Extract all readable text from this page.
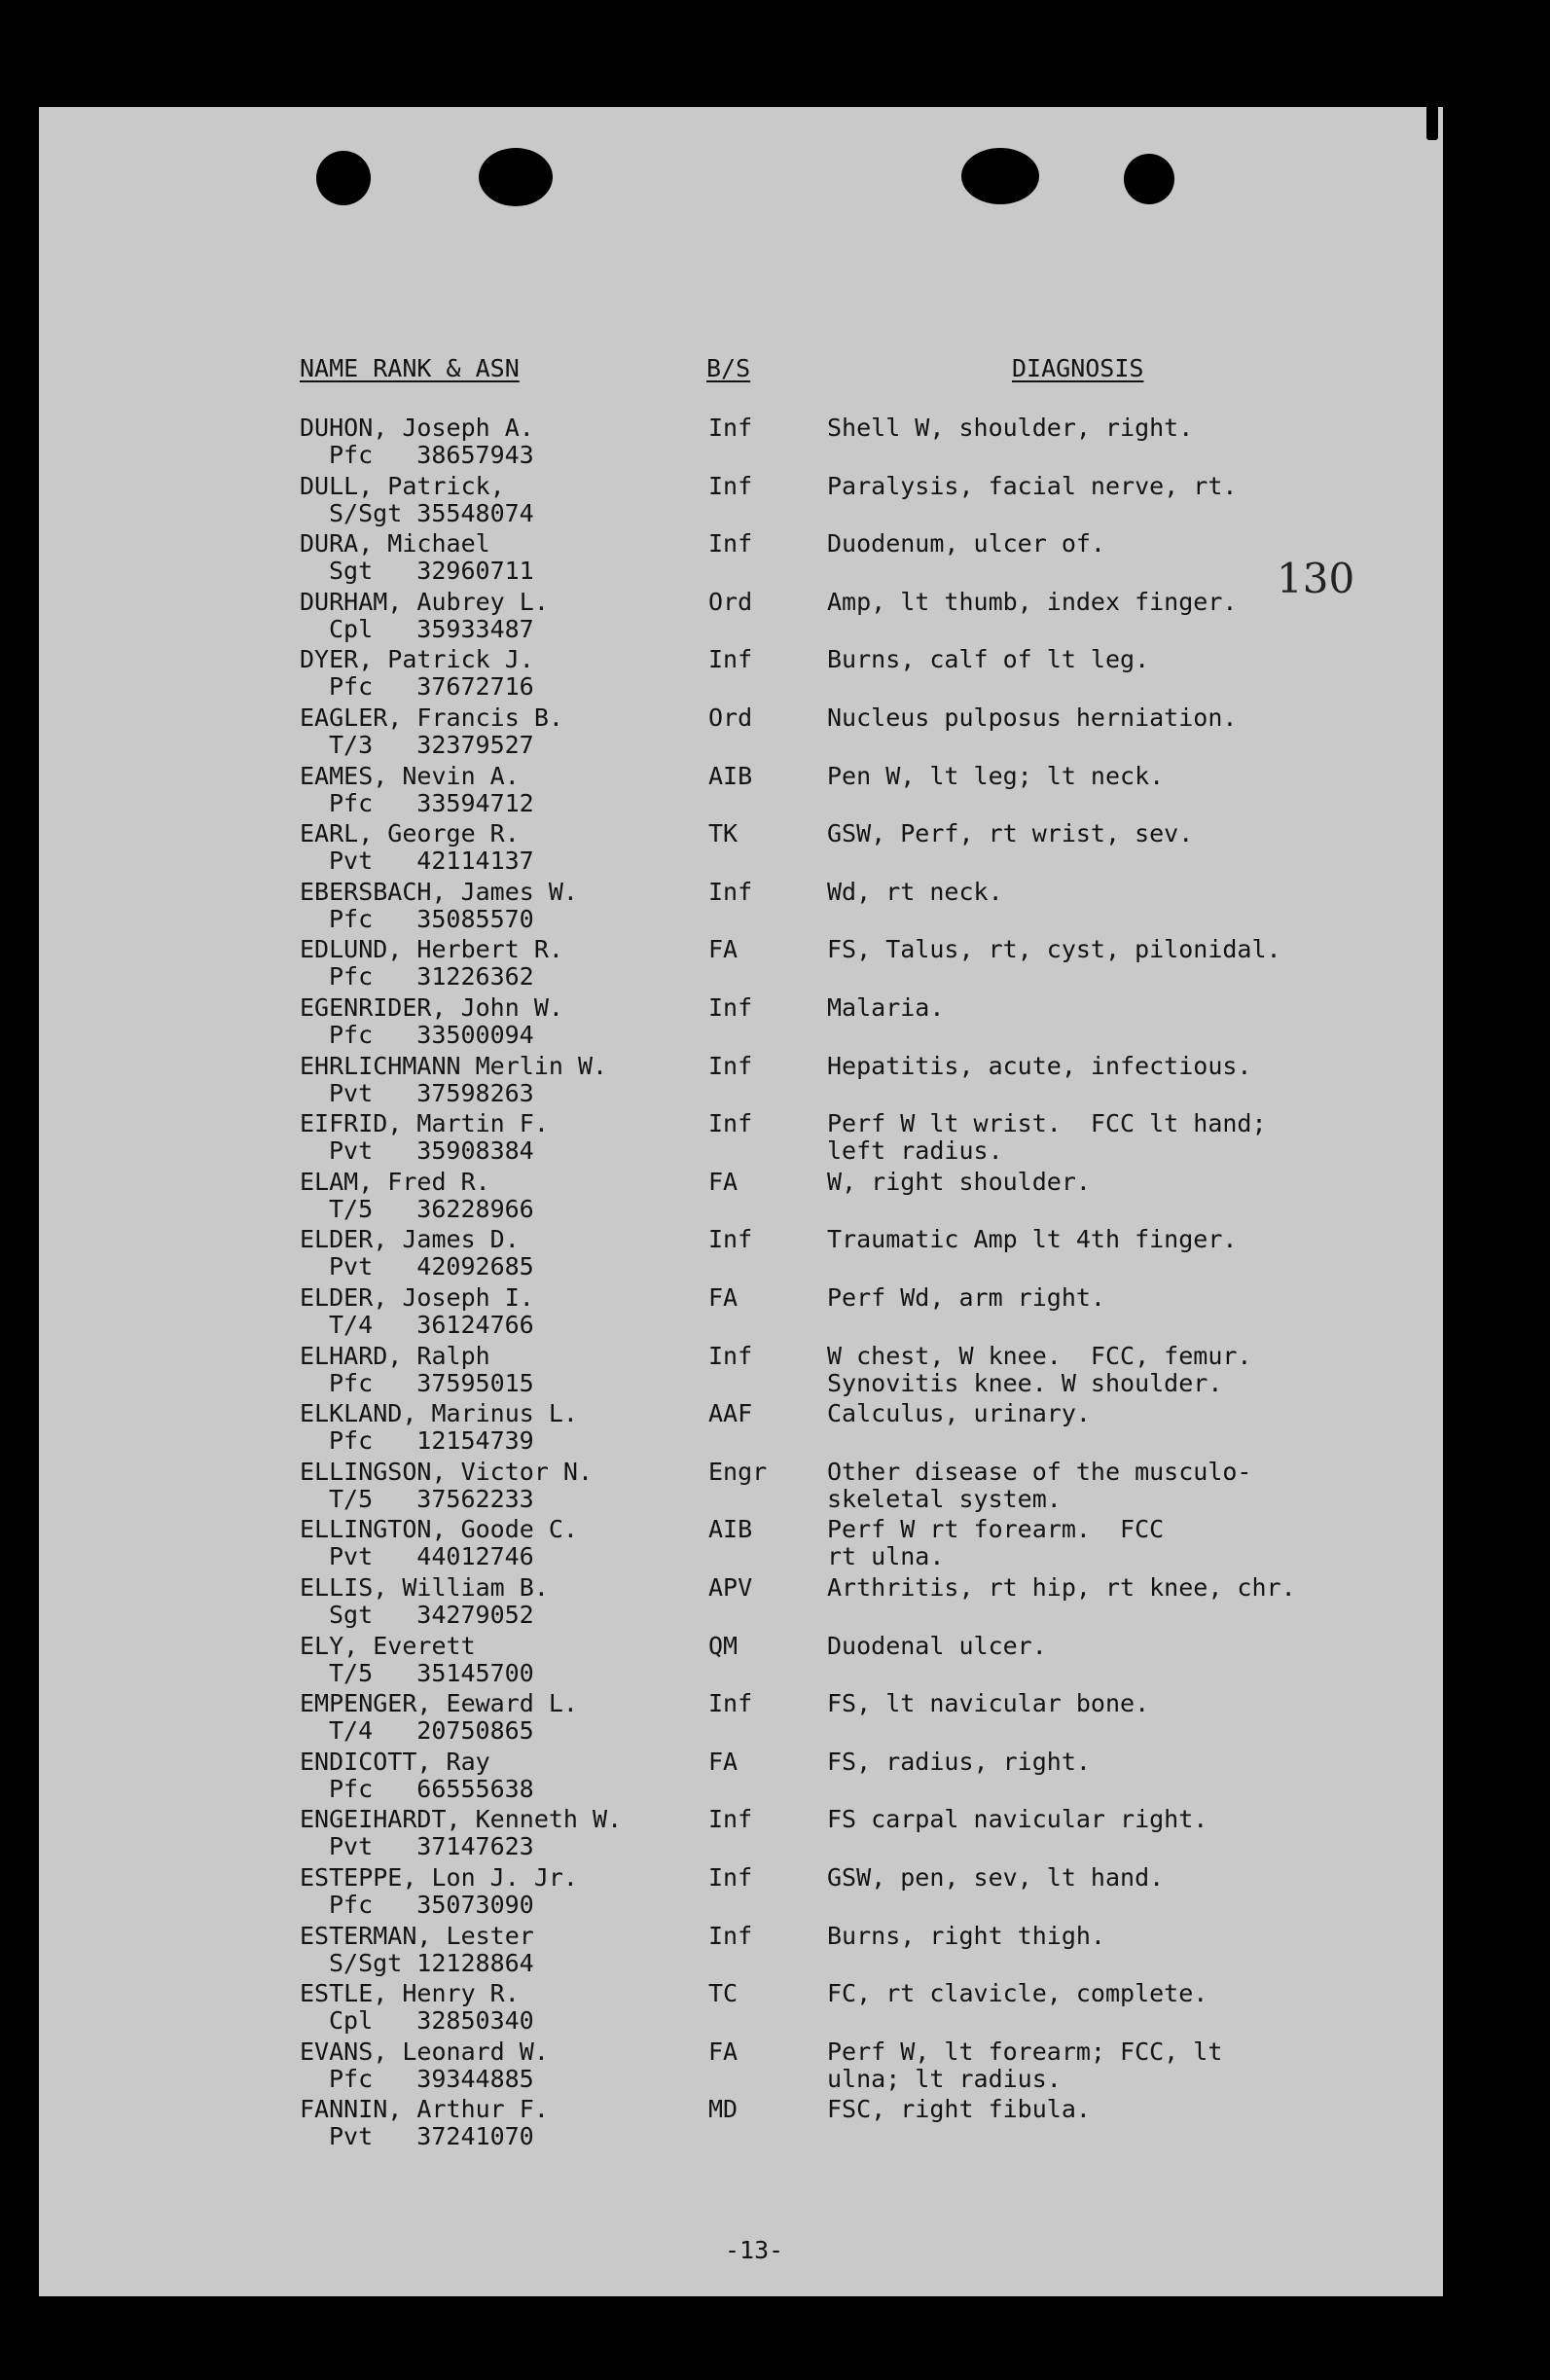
NAME RANK & ASN	B/S	DIAGNOSIS
130
DUHON, Joseph A.
Pfc   38657943
Inf	Shell W, shoulder, right.
DULL, Patrick,
S/Sgt 35548074
Inf	Paralysis, facial nerve, rt.
DURA, Michael
Sgt   32960711
Inf	Duodenum, ulcer of.
DURHAM, Aubrey L.
Cpl   35933487
Ord	Amp, lt thumb, index finger.
DYER, Patrick J.
Pfc   37672716
Inf	Burns, calf of lt leg.
EAGLER, Francis B.
T/3   32379527
Ord	Nucleus pulposus herniation.
EAMES, Nevin A.
Pfc   33594712
AIB	Pen W, lt leg; lt neck.
EARL, George R.
Pvt   42114137
TK	GSW, Perf, rt wrist, sev.
EBERSBACH, James W.
Pfc   35085570
Inf	Wd, rt neck.
EDLUND, Herbert R.
Pfc   31226362
FA	FS, Talus, rt, cyst, pilonidal.
EGENRIDER, John W.
Pfc   33500094
Inf	Malaria.
EHRLICHMANN Merlin W.
Pvt   37598263
Inf	Hepatitis, acute, infectious.
EIFRID, Martin F.
Pvt   35908384
Inf	Perf W lt wrist.  FCC lt hand;
left radius.
ELAM, Fred R.
T/5   36228966
FA	W, right shoulder.
ELDER, James D.
Pvt   42092685
Inf	Traumatic Amp lt 4th finger.
ELDER, Joseph I.
T/4   36124766
FA	Perf Wd, arm right.
ELHARD, Ralph
Pfc   37595015
Inf	W chest, W knee.  FCC, femur.
Synovitis knee. W shoulder.
ELKLAND, Marinus L.
Pfc   12154739
AAF	Calculus, urinary.
ELLINGSON, Victor N.
T/5   37562233
Engr Other disease of the musculo-
skeletal system.
ELLINGTON, Goode C.
Pvt   44012746
AIB	Perf W rt forearm.  FCC
rt ulna.
ELLIS, William B.
Sgt   34279052
APV	Arthritis, rt hip, rt knee, chr.
ELY, Everett
T/5   35145700
QM	Duodenal ulcer.
EMPENGER, Eeward L.
T/4   20750865
Inf	FS, lt navicular bone.
ENDICOTT, Ray
Pfc   66555638
FA	FS, radius, right.
ENGEIHARDT, Kenneth W.
Pvt   37147623
Inf	FS carpal navicular right.
ESTEPPE, Lon J. Jr.
Pfc   35073090
Inf	GSW, pen, sev, lt hand.
ESTERMAN, Lester
S/Sgt 12128864
Inf	Burns, right thigh.
ESTLE, Henry R.
Cpl   32850340
TC	FC, rt clavicle, complete.
EVANS, Leonard W.
Pfc   39344885
FA	Perf W, lt forearm; FCC, lt
ulna; lt radius.
FANNIN, Arthur F.
Pvt   37241070
MD	FSC, right fibula.
-13-
